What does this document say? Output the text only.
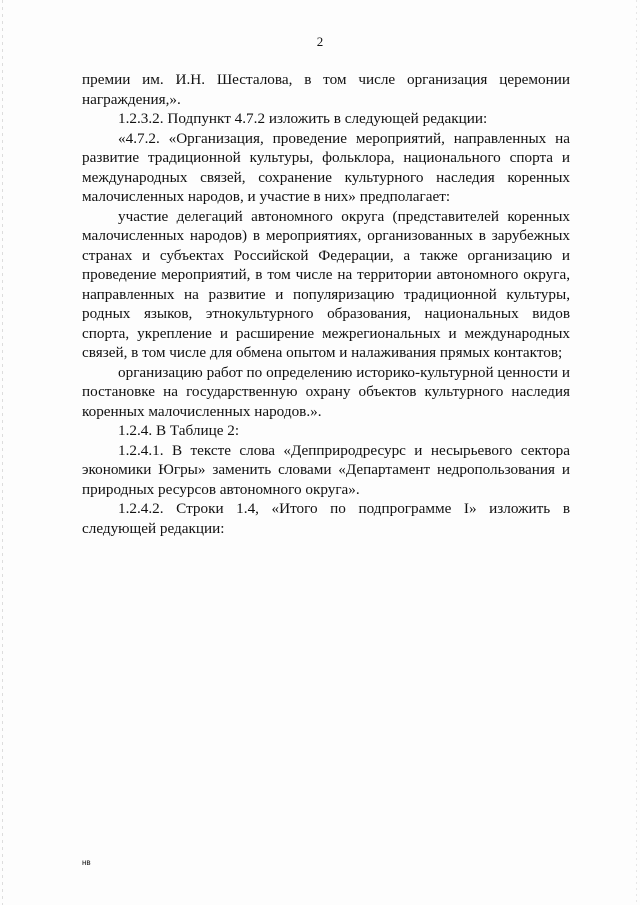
2

премии им. И.Н. Шесталова, в том числе организация церемонии награждения,».

1.2.3.2. Подпункт 4.7.2 изложить в следующей редакции:

«4.7.2. «Организация, проведение мероприятий, направленных на развитие традиционной культуры, фольклора, национального спорта и международных связей, сохранение культурного наследия коренных малочисленных народов, и участие в них» предполагает:

участие делегаций автономного округа (представителей коренных малочисленных народов) в мероприятиях, организованных в зарубежных странах и субъектах Российской Федерации, а также организацию и проведение мероприятий, в том числе на территории автономного округа, направленных на развитие и популяризацию традиционной культуры, родных языков, этнокультурного образования, национальных видов спорта, укрепление и расширение межрегиональных и международных связей, в том числе для обмена опытом и налаживания прямых контактов;

организацию работ по определению историко-культурной ценности и постановке на государственную охрану объектов культурного наследия коренных малочисленных народов.».

1.2.4. В Таблице 2:

1.2.4.1. В тексте слова «Депприродресурс и несырьевого сектора экономики Югры» заменить словами «Департамент недропользования и природных ресурсов автономного округа».

1.2.4.2. Строки 1.4, «Итого по подпрограмме I» изложить в следующей редакции:

нв
